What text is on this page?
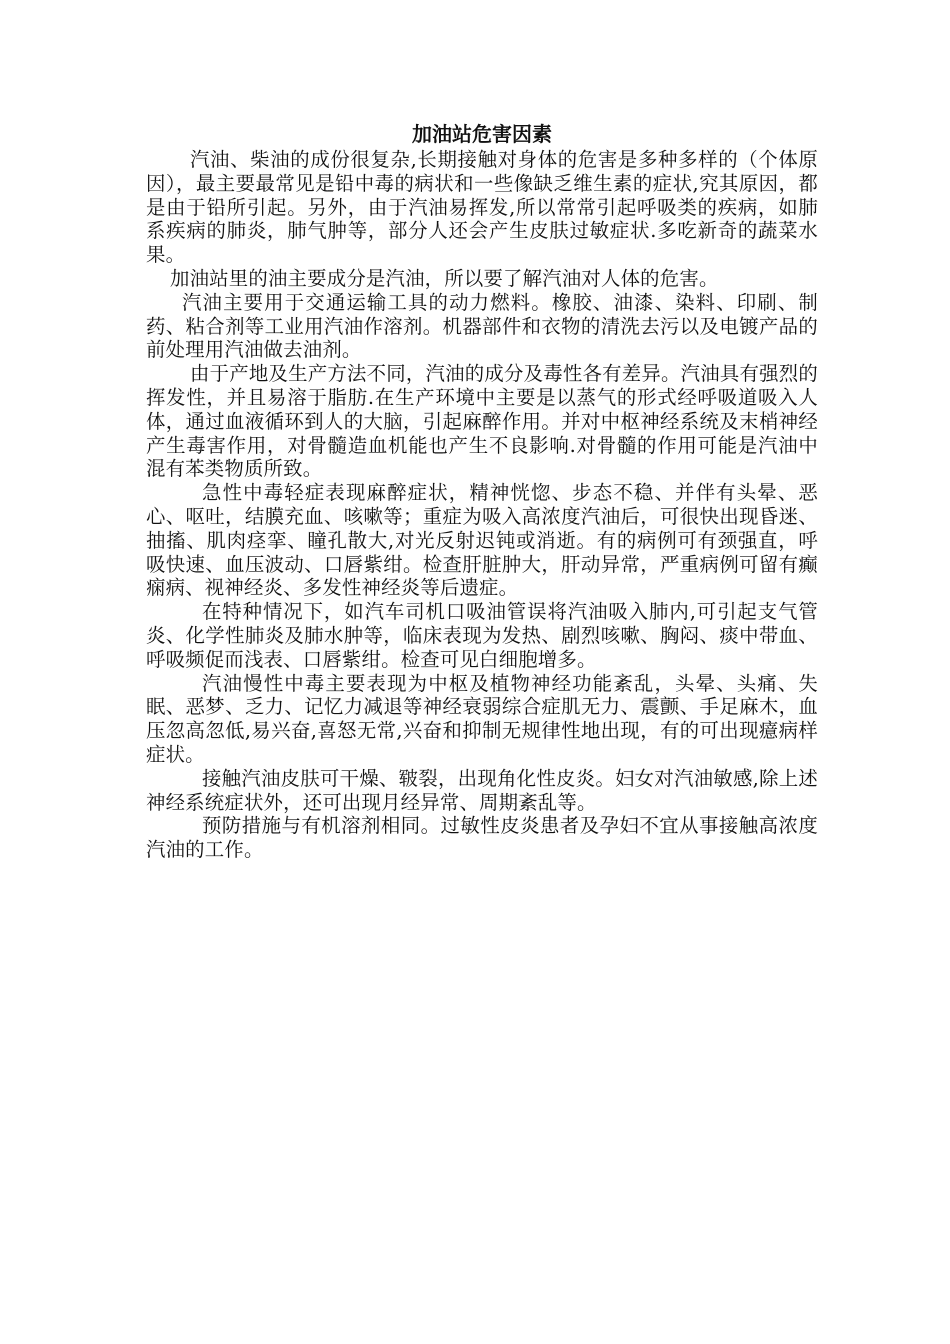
加油站危害因素

汽油、柴油的成份很复杂,长期接触对身体的危害是多种多样的（个体原因），最主要最常见是铅中毒的病状和一些像缺乏维生素的症状,究其原因，都是由于铅所引起。另外，由于汽油易挥发,所以常常引起呼吸类的疾病，如肺系疾病的肺炎，肺气肿等，部分人还会产生皮肤过敏症状.多吃新奇的蔬菜水果。

加油站里的油主要成分是汽油，所以要了解汽油对人体的危害。

汽油主要用于交通运输工具的动力燃料。橡胶、油漆、染料、印刷、制药、粘合剂等工业用汽油作溶剂。机器部件和衣物的清洗去污以及电镀产品的前处理用汽油做去油剂。

由于产地及生产方法不同，汽油的成分及毒性各有差异。汽油具有强烈的挥发性，并且易溶于脂肪.在生产环境中主要是以蒸气的形式经呼吸道吸入人体，通过血液循环到人的大脑，引起麻醉作用。并对中枢神经系统及末梢神经产生毒害作用，对骨髓造血机能也产生不良影响.对骨髓的作用可能是汽油中混有苯类物质所致。

急性中毒轻症表现麻醉症状，精神恍惚、步态不稳、并伴有头晕、恶心、呕吐，结膜充血、咳嗽等；重症为吸入高浓度汽油后，可很快出现昏迷、抽搐、肌肉痉挛、瞳孔散大,对光反射迟钝或消逝。有的病例可有颈强直，呼吸快速、血压波动、口唇紫绀。检查肝脏肿大，肝动异常，严重病例可留有癫痫病、视神经炎、多发性神经炎等后遗症。

在特种情况下，如汽车司机口吸油管误将汽油吸入肺内,可引起支气管炎、化学性肺炎及肺水肿等，临床表现为发热、剧烈咳嗽、胸闷、痰中带血、呼吸频促而浅表、口唇紫绀。检查可见白细胞增多。

汽油慢性中毒主要表现为中枢及植物神经功能紊乱，头晕、头痛、失眠、恶梦、乏力、记忆力减退等神经衰弱综合症肌无力、震颤、手足麻木，血压忽高忽低,易兴奋,喜怒无常,兴奋和抑制无规律性地出现，有的可出现癔病样症状。

接触汽油皮肤可干燥、皲裂，出现角化性皮炎。妇女对汽油敏感,除上述神经系统症状外，还可出现月经异常、周期紊乱等。

预防措施与有机溶剂相同。过敏性皮炎患者及孕妇不宜从事接触高浓度汽油的工作。
